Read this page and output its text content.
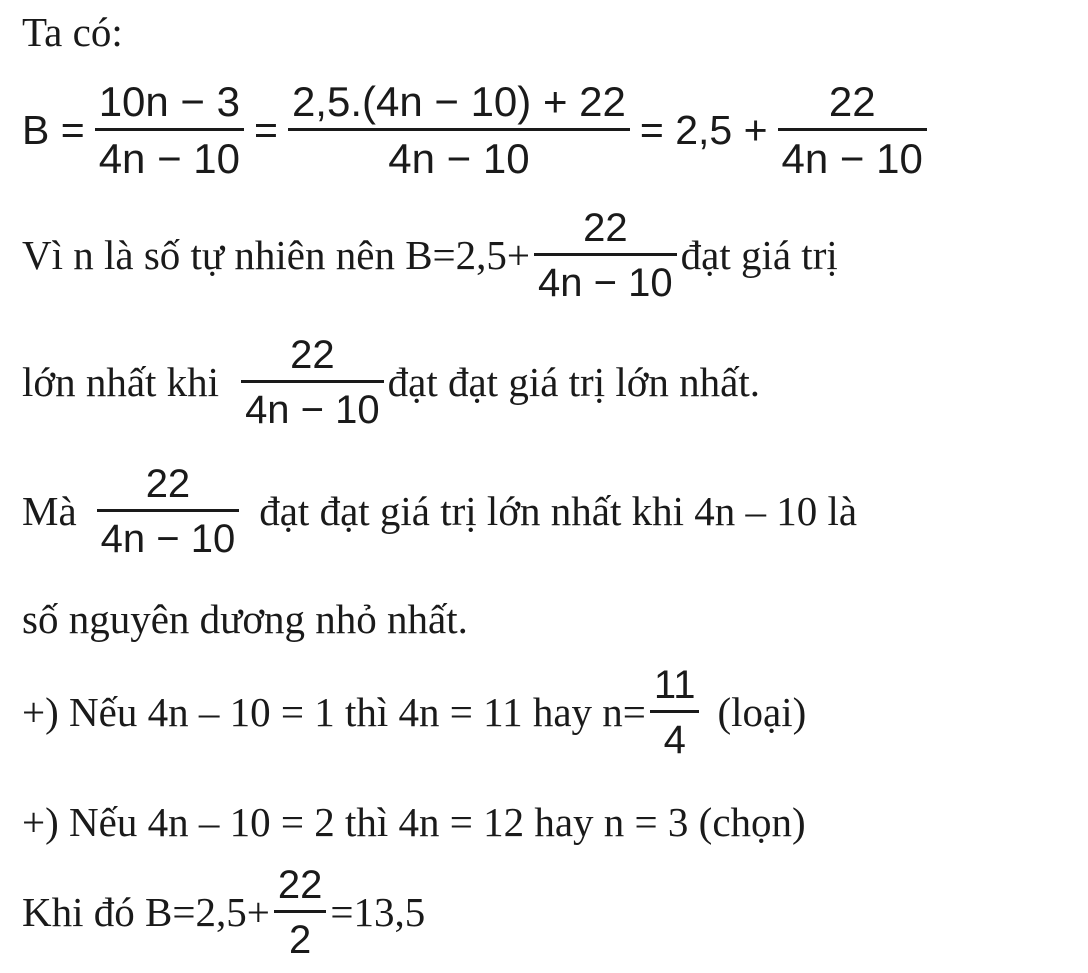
Ta có:
$B = \frac{10n - 3}{4n - 10} = \frac{2,5.(4n - 10) + 22}{4n - 10} = 2,5 + \frac{22}{4n - 10}$
Vì n là số tự nhiên nên $B=2,5+ \frac{22}{4n - 10}$ đạt giá trị
lớn nhất khi $\frac{22}{4n - 10}$ đạt đạt giá trị lớn nhất.
Mà $\frac{22}{4n - 10}$ đạt đạt giá trị lớn nhất khi 4n – 10 là
số nguyên dương nhỏ nhất.
+) Nếu 4n – 10 = 1 thì 4n = 11 hay $n= \frac{11}{4}$ (loại)
+) Nếu 4n – 10 = 2 thì 4n = 12 hay n = 3 (chọn)
Khi đó $B=2,5+ \frac{22}{2} =13,5$
